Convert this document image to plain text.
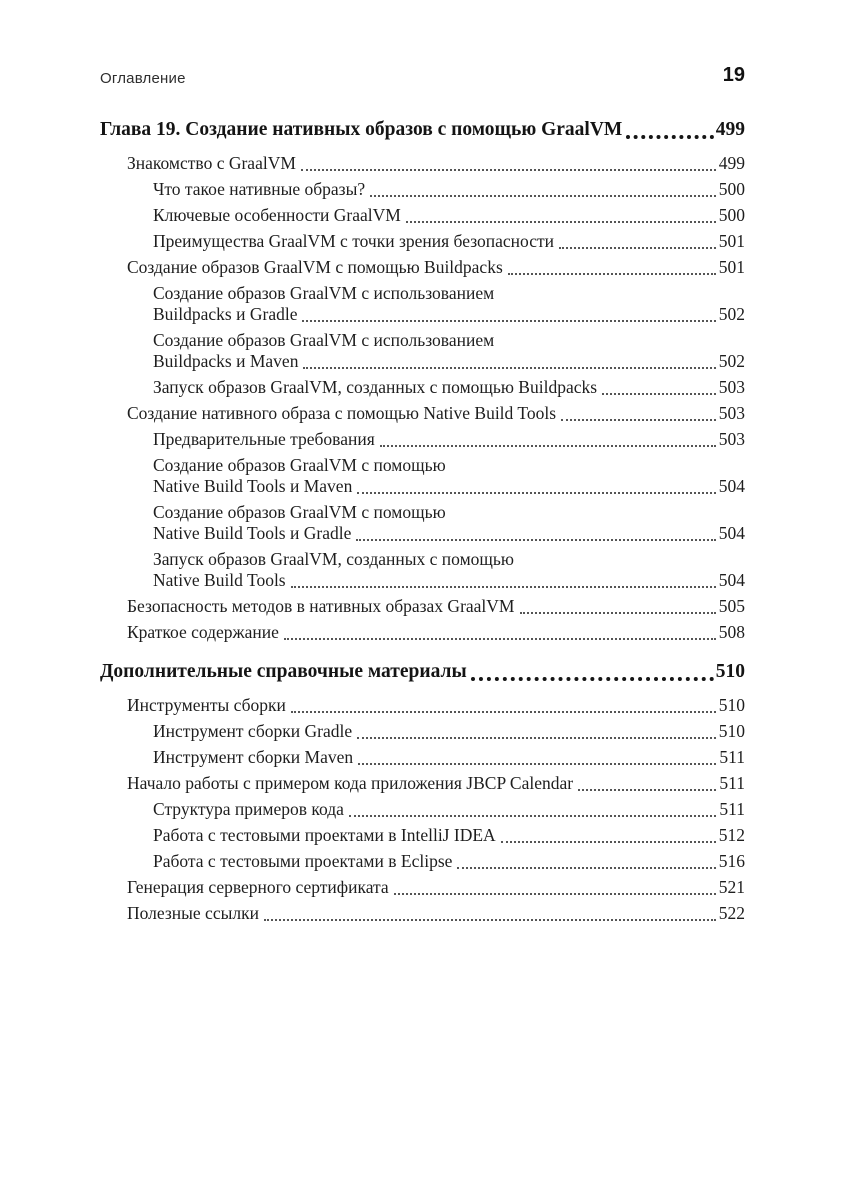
Оглавление	19
Глава 19. Создание нативных образов с помощью GraalVM	499
Знакомство с GraalVM	499
Что такое нативные образы?	500
Ключевые особенности GraalVM	500
Преимущества GraalVM с точки зрения безопасности	501
Создание образов GraalVM с помощью Buildpacks	501
Создание образов GraalVM с использованием
Buildpacks и Gradle	502
Создание образов GraalVM с использованием
Buildpacks и Maven	502
Запуск образов GraalVM, созданных с помощью Buildpacks	503
Создание нативного образа с помощью Native Build Tools	503
Предварительные требования	503
Создание образов GraalVM с помощью
Native Build Tools и Maven	504
Создание образов GraalVM с помощью
Native Build Tools и Gradle	504
Запуск образов GraalVM, созданных с помощью
Native Build Tools	504
Безопасность методов в нативных образах GraalVM	505
Краткое содержание	508
Дополнительные справочные материалы	510
Инструменты сборки	510
Инструмент сборки Gradle	510
Инструмент сборки Maven	511
Начало работы с примером кода приложения JBCP Calendar	511
Структура примеров кода	511
Работа с тестовыми проектами в IntelliJ IDEA	512
Работа с тестовыми проектами в Eclipse	516
Генерация серверного сертификата	521
Полезные ссылки	522
